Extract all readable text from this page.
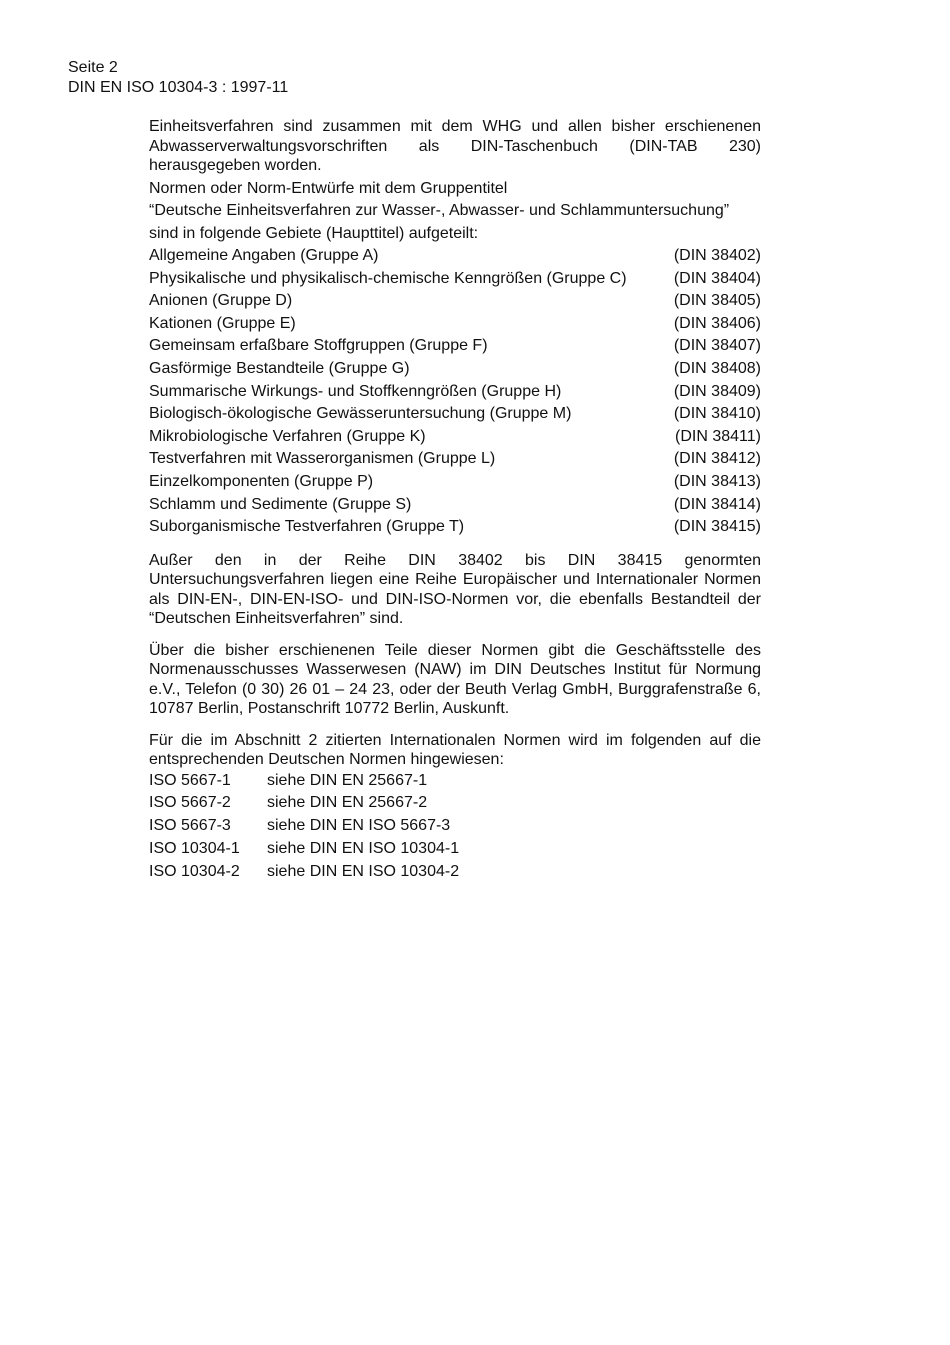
Seite 2
DIN EN ISO 10304-3 : 1997-11

Einheitsverfahren sind zusammen mit dem WHG und allen bisher erschienenen Abwasserverwaltungsvorschriften als DIN-Taschenbuch (DIN-TAB 230) herausgegeben worden.

Normen oder Norm-Entwürfe mit dem Gruppentitel

“Deutsche Einheitsverfahren zur Wasser-, Abwasser- und Schlammuntersuchung”

sind in folgende Gebiete (Haupttitel) aufgeteilt:

Allgemeine Angaben (Gruppe A)	(DIN 38402)
Physikalische und physikalisch-chemische Kenngrößen (Gruppe C)	(DIN 38404)
Anionen (Gruppe D)	(DIN 38405)
Kationen (Gruppe E)	(DIN 38406)
Gemeinsam erfaßbare Stoffgruppen (Gruppe F)	(DIN 38407)
Gasförmige Bestandteile (Gruppe G)	(DIN 38408)
Summarische Wirkungs- und Stoffkenngrößen (Gruppe H)	(DIN 38409)
Biologisch-ökologische Gewässeruntersuchung (Gruppe M)	(DIN 38410)
Mikrobiologische Verfahren (Gruppe K)	(DIN 38411)
Testverfahren mit Wasserorganismen (Gruppe L)	(DIN 38412)
Einzelkomponenten (Gruppe P)	(DIN 38413)
Schlamm und Sedimente (Gruppe S)	(DIN 38414)
Suborganismische Testverfahren (Gruppe T)	(DIN 38415)

Außer den in der Reihe DIN 38402 bis DIN 38415 genormten Untersuchungsverfahren liegen eine Reihe Europäischer und Internationaler Normen als DIN-EN-, DIN-EN-ISO- und DIN-ISO-Normen vor, die ebenfalls Bestandteil der “Deutschen Einheitsverfahren” sind.

Über die bisher erschienenen Teile dieser Normen gibt die Geschäftsstelle des Normenausschusses Wasserwesen (NAW) im DIN Deutsches Institut für Normung e.V., Telefon (0 30) 26 01 – 24 23, oder der Beuth Verlag GmbH, Burggrafenstraße 6, 10787 Berlin, Postanschrift 10772 Berlin, Auskunft.

Für die im Abschnitt 2 zitierten Internationalen Normen wird im folgenden auf die entsprechenden Deutschen Normen hingewiesen:

ISO 5667-1	siehe DIN EN 25667-1
ISO 5667-2	siehe DIN EN 25667-2
ISO 5667-3	siehe DIN EN ISO 5667-3
ISO 10304-1	siehe DIN EN ISO 10304-1
ISO 10304-2	siehe DIN EN ISO 10304-2
